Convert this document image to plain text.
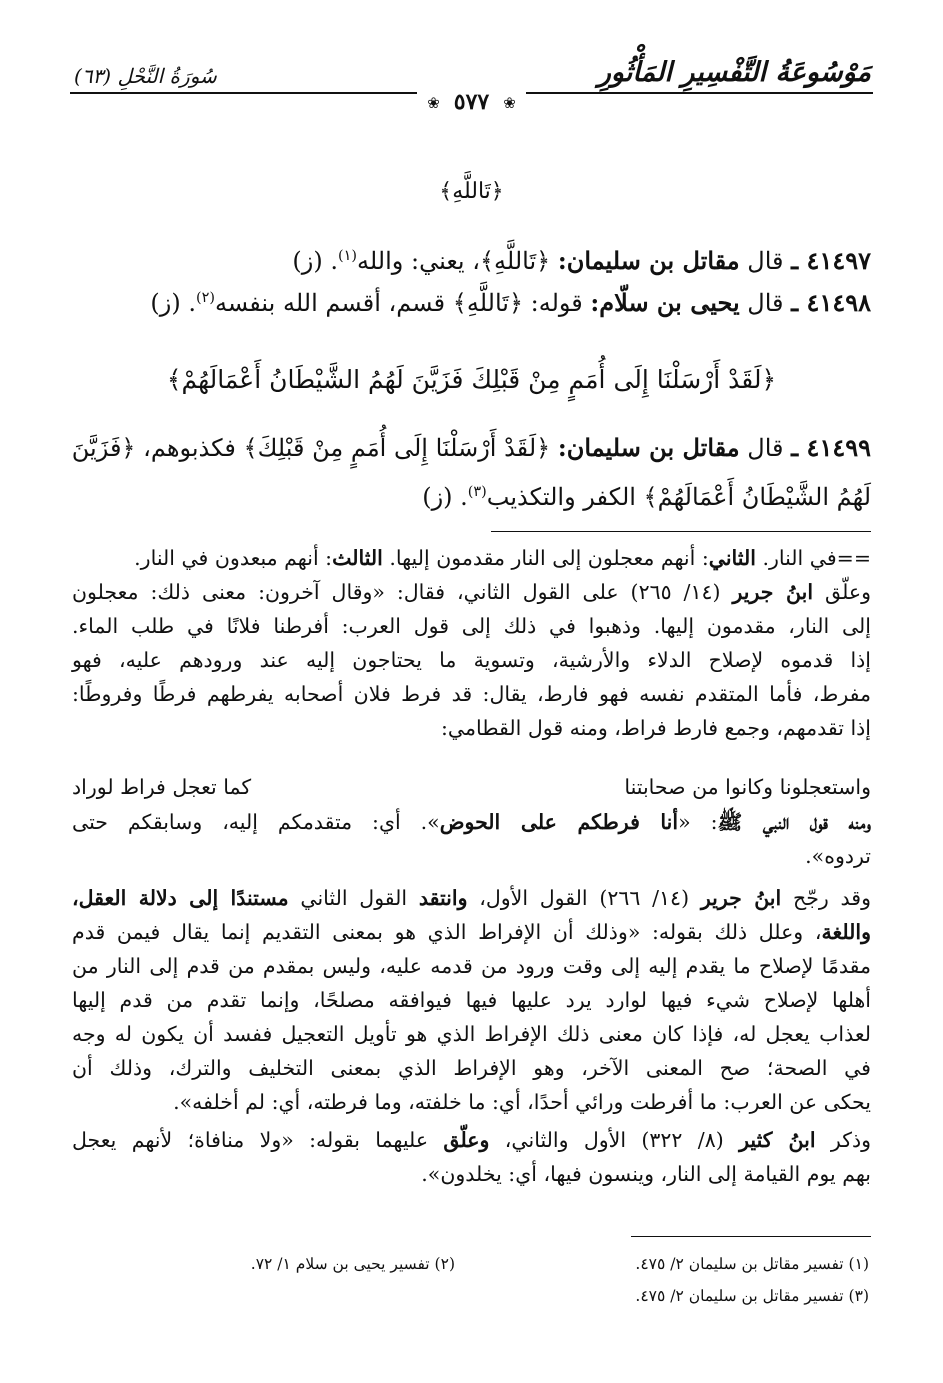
مَوْسُوعَةُ التَّفْسِيرِ المَأْثُورِ
سُورَةُ النَّحْلِ (٦٣)
❀ ٥٧٧ ❀
﴿تَاللَّهِ﴾
٤١٤٩٧ ـ قال مقاتل بن سليمان: ﴿تَاللَّهِ﴾، يعني: والله$^{(١)}$. (ز)
٤١٤٩٨ ـ قال يحيى بن سلّام: قوله: ﴿تَاللَّهِ﴾ قسم، أقسم الله بنفسه$^{(٢)}$. (ز)
﴿لَقَدْ أَرْسَلْنَا إِلَى أُمَمٍ مِنْ قَبْلِكَ فَزَيَّنَ لَهُمُ الشَّيْطَانُ أَعْمَالَهُمْ﴾
٤١٤٩٩ ـ قال مقاتل بن سليمان: ﴿لَقَدْ أَرْسَلْنَا إِلَى أُمَمٍ مِنْ قَبْلِكَ﴾ فكذبوهم، ﴿فَزَيَّنَ
لَهُمُ الشَّيْطَانُ أَعْمَالَهُمْ﴾ الكفر والتكذيب$^{(٣)}$. (ز)
==في النار. الثاني: أنهم معجلون إلى النار مقدمون إليها. الثالث: أنهم مبعدون في النار.
وعلّق ابنُ جرير (١٤/ ٢٦٥) على القول الثاني، فقال: «وقال آخرون: معنى ذلك: معجلون
إلى النار، مقدمون إليها. وذهبوا في ذلك إلى قول العرب: أفرطنا فلانًا في طلب الماء.
إذا قدموه لإصلاح الدلاء والأرشية، وتسوية ما يحتاجون إليه عند ورودهم عليه، فهو
مفرط، فأما المتقدم نفسه فهو فارط، يقال: قد فرط فلان أصحابه يفرطهم فرطًا وفروطًا:
إذا تقدمهم، وجمع فارط فراط، ومنه قول القطامي:
واستعجلونا وكانوا من صحابتنا
كما تعجل فراط لوراد
ومنه قول النبي ﷺ: «أنا فرطكم على الحوض». أي: متقدمكم إليه، وسابقكم حتى
تردوه».
وقد رجّح ابنُ جرير (١٤/ ٢٦٦) القول الأول، وانتقد القول الثاني مستندًا إلى دلالة العقل،
واللغة، وعلل ذلك بقوله: «وذلك أن الإفراط الذي هو بمعنى التقديم إنما يقال فيمن قدم
مقدمًا لإصلاح ما يقدم إليه إلى وقت ورود من قدمه عليه، وليس بمقدم من قدم إلى النار من
أهلها لإصلاح شيء فيها لوارد يرد عليها فيها فيوافقه مصلحًا، وإنما تقدم من قدم إليها
لعذاب يعجل له، فإذا كان معنى ذلك الإفراط الذي هو تأويل التعجيل ففسد أن يكون له وجه
في الصحة؛ صح المعنى الآخر، وهو الإفراط الذي بمعنى التخليف والترك، وذلك أن
يحكى عن العرب: ما أفرطت ورائي أحدًا، أي: ما خلفته، وما فرطته، أي: لم أخلفه».
وذكر ابنُ كثير (٨/ ٣٢٢) الأول والثاني، وعلّق عليهما بقوله: «ولا منافاة؛ لأنهم يعجل
بهم يوم القيامة إلى النار، وينسون فيها، أي: يخلدون».
(١) تفسير مقاتل بن سليمان ٢/ ٤٧٥.
(٢) تفسير يحيى بن سلام ١/ ٧٢.
(٣) تفسير مقاتل بن سليمان ٢/ ٤٧٥.
